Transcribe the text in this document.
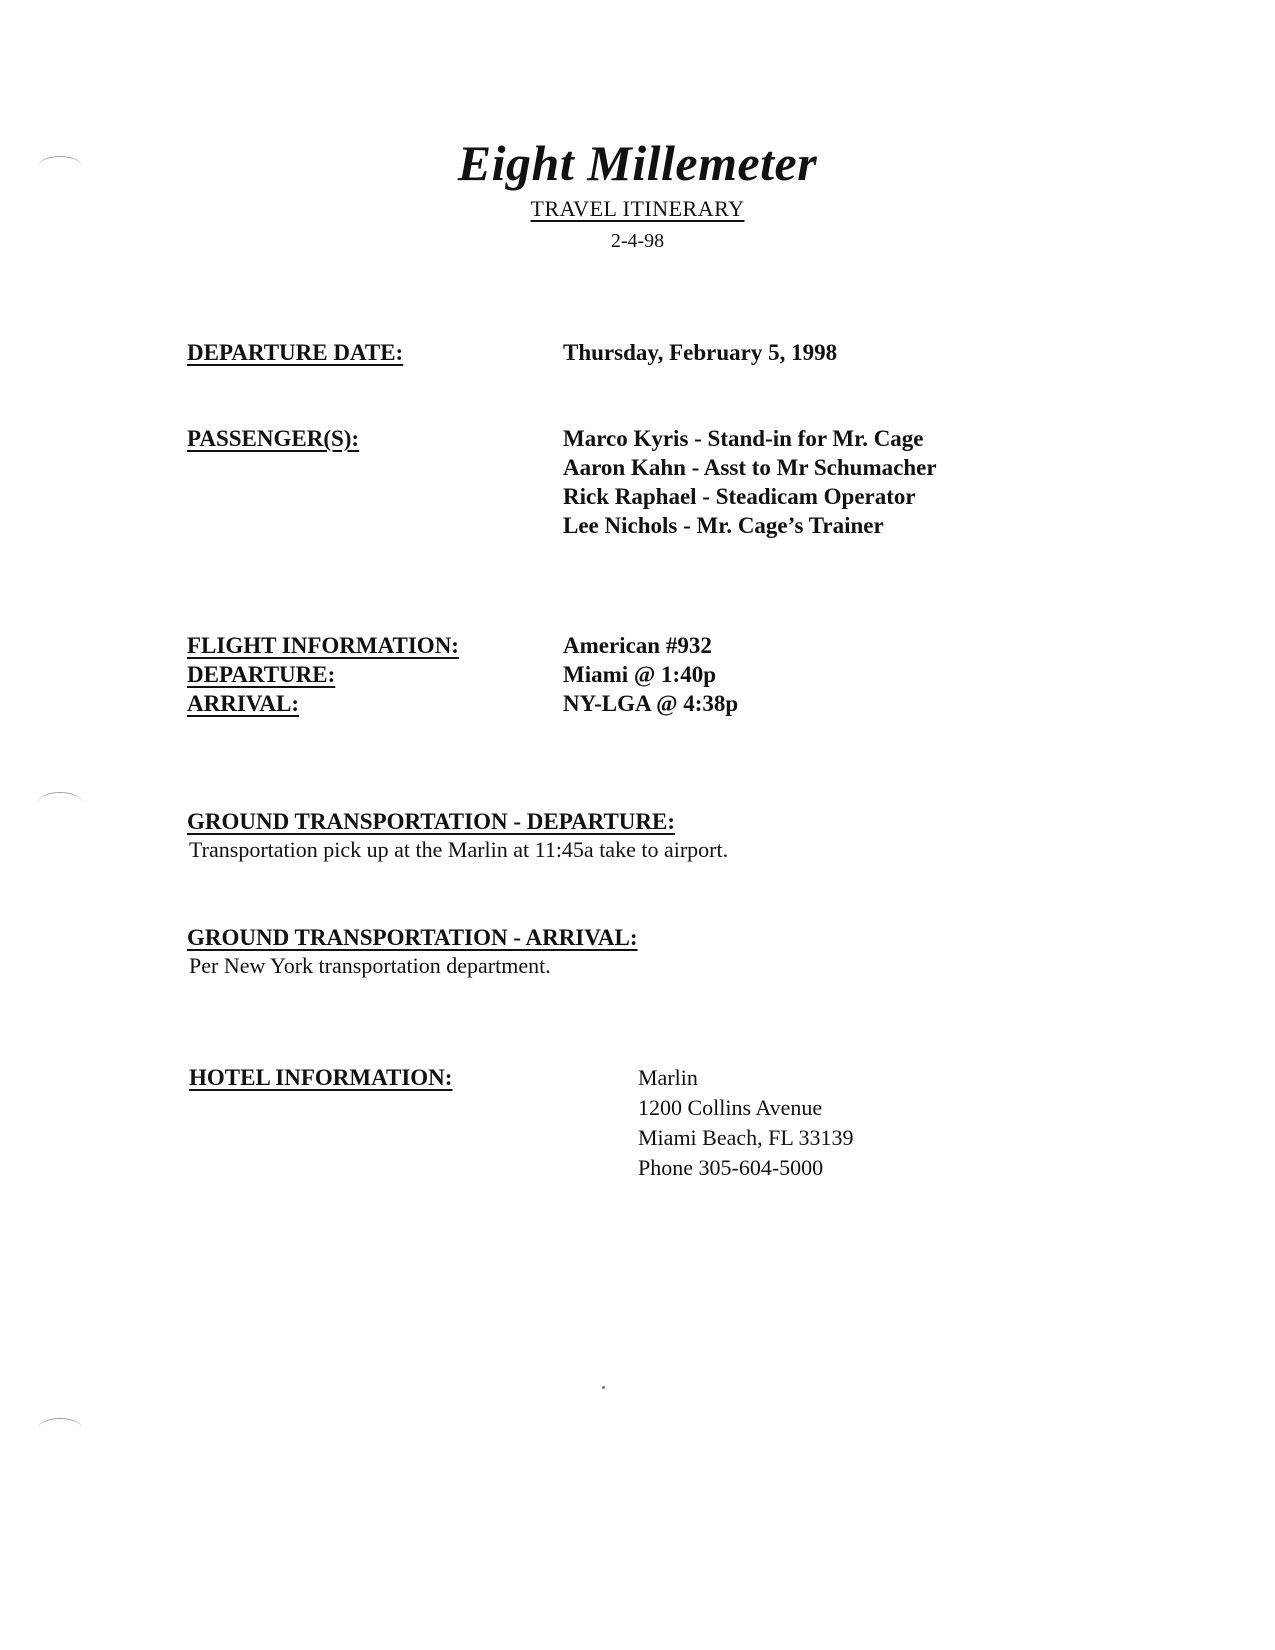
Eight Millemeter
TRAVEL ITINERARY
2-4-98
DEPARTURE DATE:	Thursday, February 5, 1998
PASSENGER(S):	Marco Kyris - Stand-in for Mr. Cage
Aaron Kahn - Asst to Mr Schumacher
Rick Raphael - Steadicam Operator
Lee Nichols - Mr. Cage’s Trainer
FLIGHT INFORMATION:	American #932
DEPARTURE:	Miami @ 1:40p
ARRIVAL:	NY-LGA @ 4:38p
GROUND TRANSPORTATION - DEPARTURE:
Transportation pick up at the Marlin at 11:45a take to airport.
GROUND TRANSPORTATION - ARRIVAL:
Per New York transportation department.
HOTEL INFORMATION:	Marlin
1200 Collins Avenue
Miami Beach, FL 33139
Phone 305-604-5000
